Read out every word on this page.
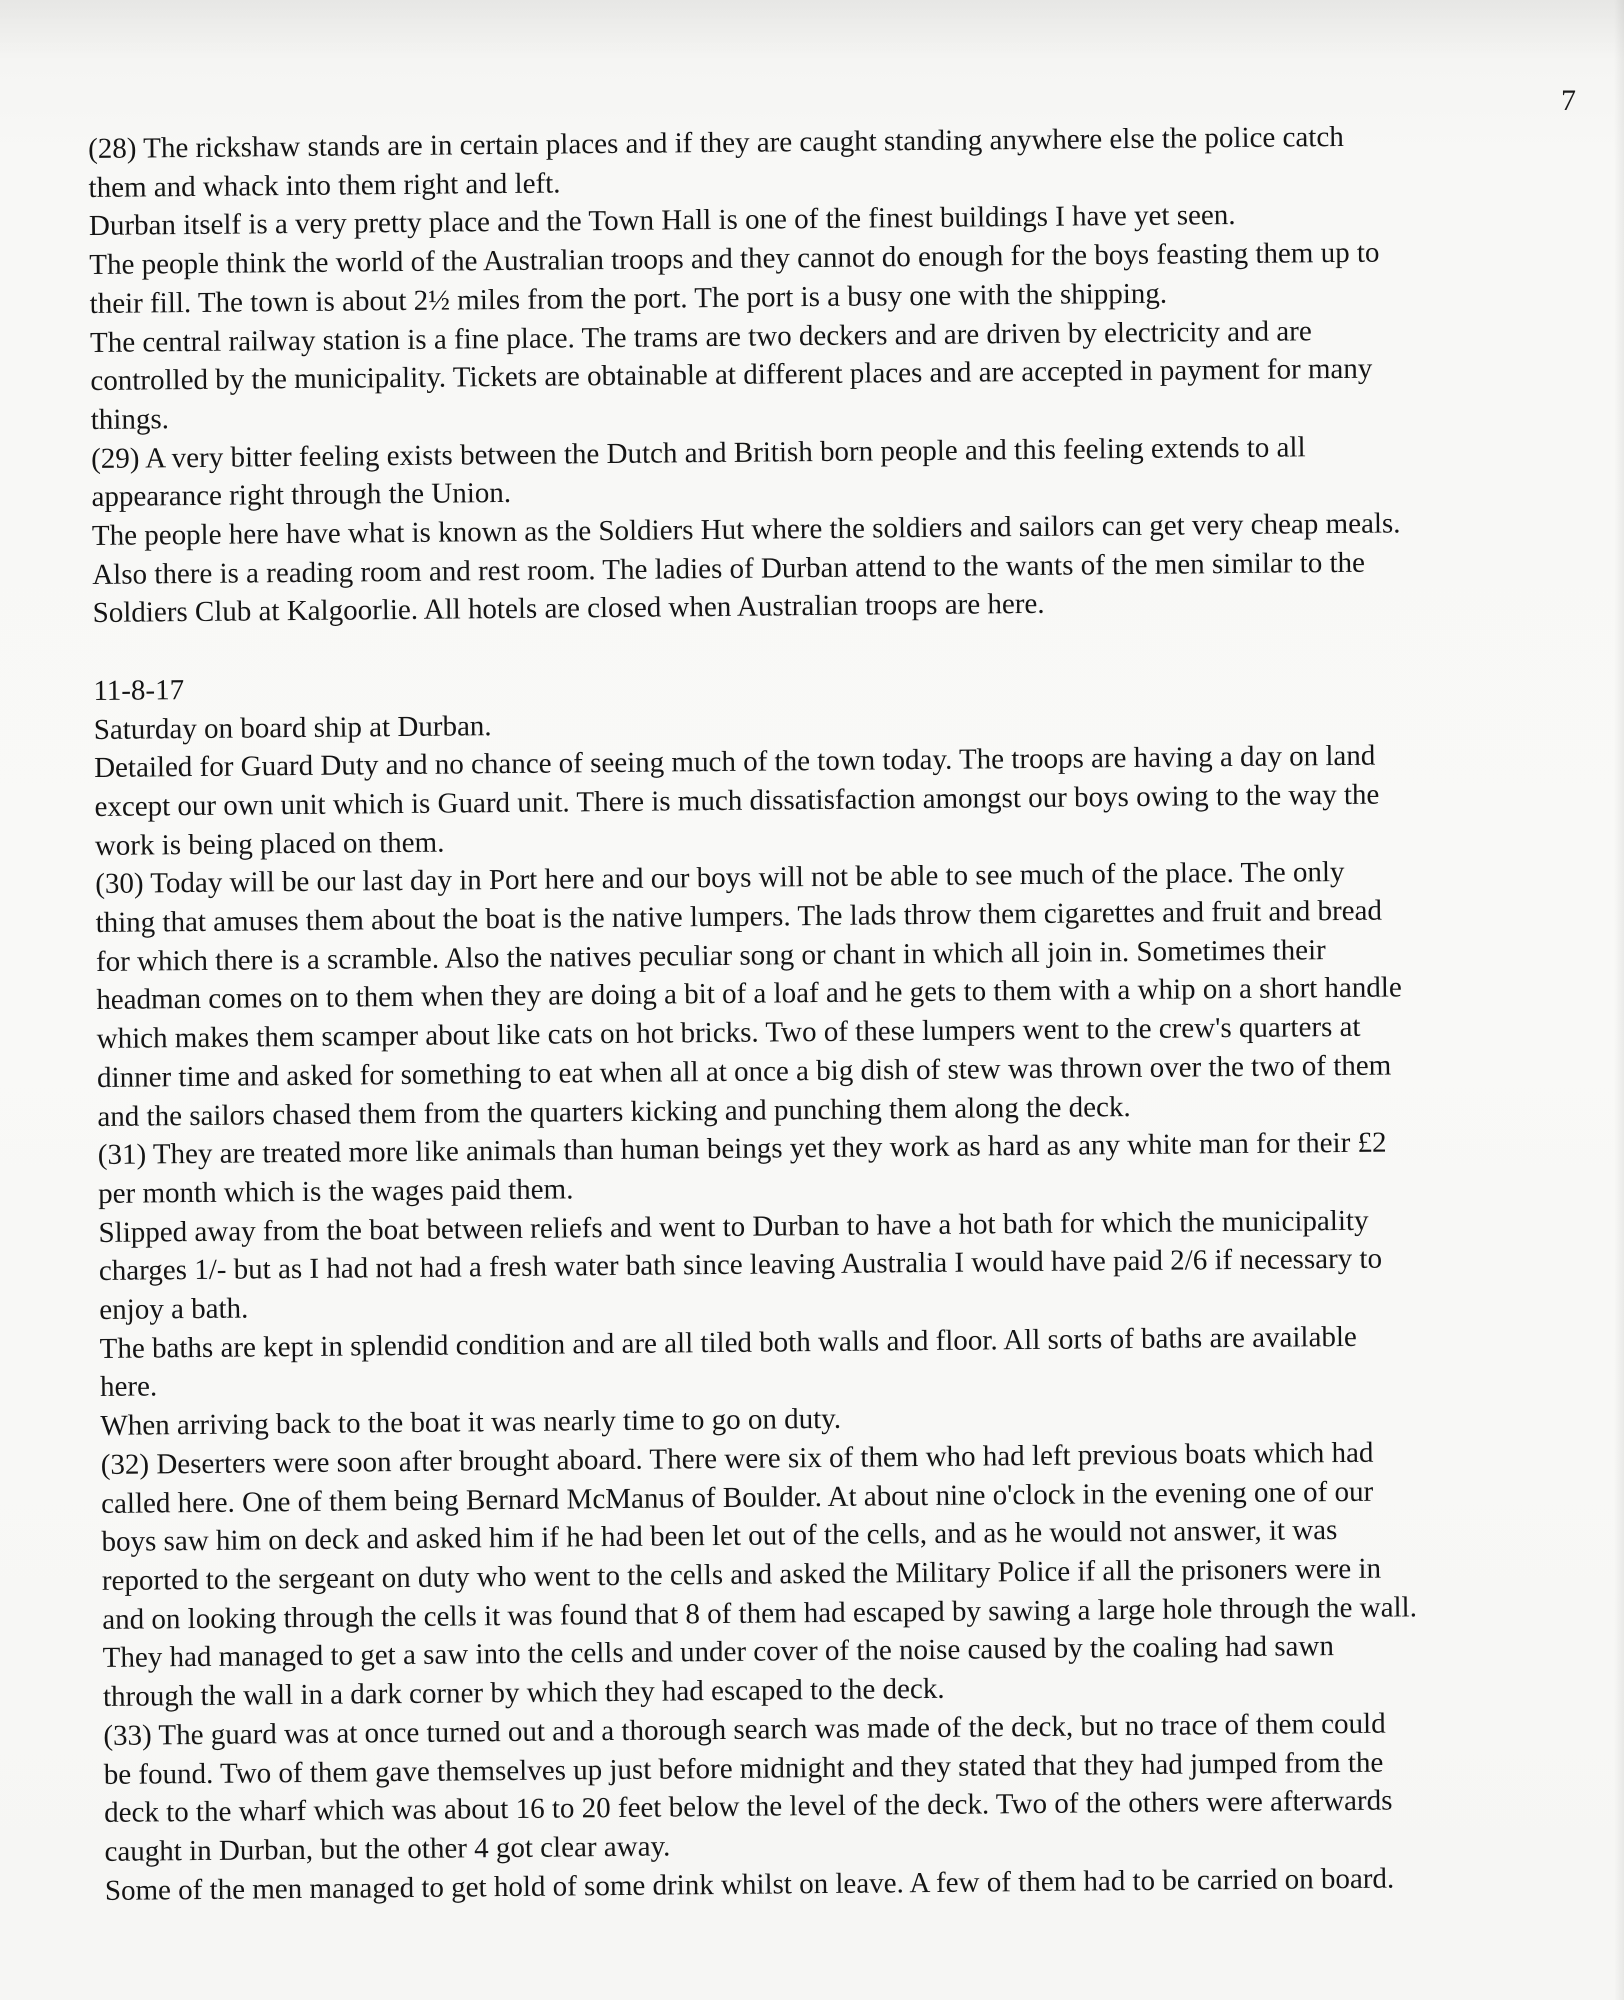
7
(28) The rickshaw stands are in certain places and if they are caught standing anywhere else the police catch
them and whack into them right and left.
Durban itself is a very pretty place and the Town Hall is one of the finest buildings I have yet seen.
The people think the world of the Australian troops and they cannot do enough for the boys feasting them up to
their fill. The town is about 2½ miles from the port. The port is a busy one with the shipping.
The central railway station is a fine place. The trams are two deckers and are driven by electricity and are
controlled by the municipality. Tickets are obtainable at different places and are accepted in payment for many
things.
(29) A very bitter feeling exists between the Dutch and British born people and this feeling extends to all
appearance right through the Union.
The people here have what is known as the Soldiers Hut where the soldiers and sailors can get very cheap meals.
Also there is a reading room and rest room. The ladies of Durban attend to the wants of the men similar to the
Soldiers Club at Kalgoorlie. All hotels are closed when Australian troops are here.
11-8-17
Saturday on board ship at Durban.
Detailed for Guard Duty and no chance of seeing much of the town today. The troops are having a day on land
except our own unit which is Guard unit. There is much dissatisfaction amongst our boys owing to the way the
work is being placed on them.
(30) Today will be our last day in Port here and our boys will not be able to see much of the place. The only
thing that amuses them about the boat is the native lumpers. The lads throw them cigarettes and fruit and bread
for which there is a scramble. Also the natives peculiar song or chant in which all join in. Sometimes their
headman comes on to them when they are doing a bit of a loaf and he gets to them with a whip on a short handle
which makes them scamper about like cats on hot bricks. Two of these lumpers went to the crew's quarters at
dinner time and asked for something to eat when all at once a big dish of stew was thrown over the two of them
and the sailors chased them from the quarters kicking and punching them along the deck.
(31) They are treated more like animals than human beings yet they work as hard as any white man for their £2
per month which is the wages paid them.
Slipped away from the boat between reliefs and went to Durban to have a hot bath for which the municipality
charges 1/- but as I had not had a fresh water bath since leaving Australia I would have paid 2/6 if necessary to
enjoy a bath.
The baths are kept in splendid condition and are all tiled both walls and floor. All sorts of baths are available
here.
When arriving back to the boat it was nearly time to go on duty.
(32) Deserters were soon after brought aboard. There were six of them who had left previous boats which had
called here. One of them being Bernard McManus of Boulder. At about nine o'clock in the evening one of our
boys saw him on deck and asked him if he had been let out of the cells, and as he would not answer, it was
reported to the sergeant on duty who went to the cells and asked the Military Police if all the prisoners were in
and on looking through the cells it was found that 8 of them had escaped by sawing a large hole through the wall.
They had managed to get a saw into the cells and under cover of the noise caused by the coaling had sawn
through the wall in a dark corner by which they had escaped to the deck.
(33) The guard was at once turned out and a thorough search was made of the deck, but no trace of them could
be found. Two of them gave themselves up just before midnight and they stated that they had jumped from the
deck to the wharf which was about 16 to 20 feet below the level of the deck. Two of the others were afterwards
caught in Durban, but the other 4 got clear away.
Some of the men managed to get hold of some drink whilst on leave. A few of them had to be carried on board.
